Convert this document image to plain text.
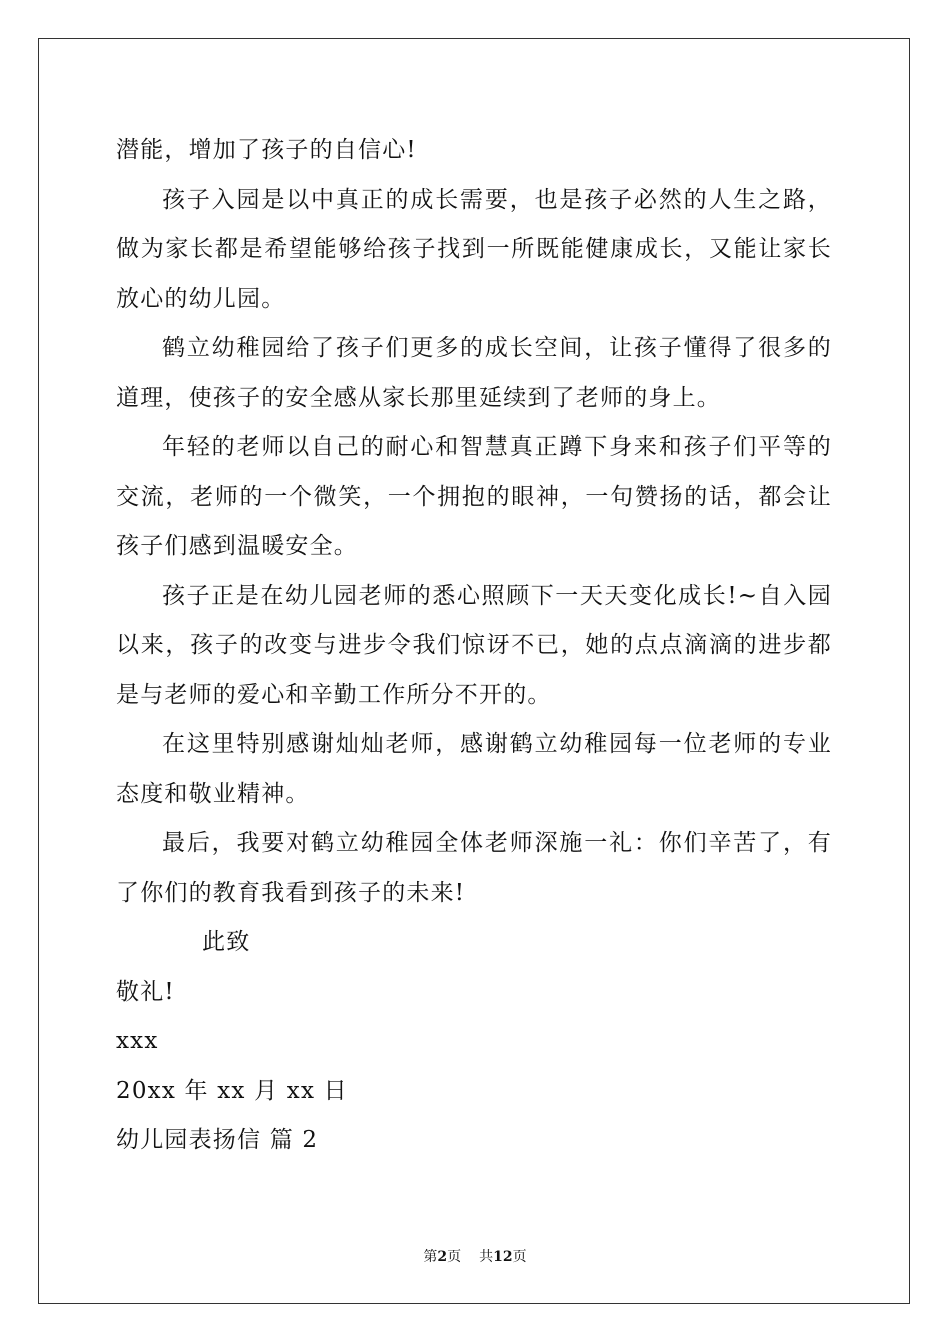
潜能，增加了孩子的自信心!

孩子入园是以中真正的成长需要，也是孩子必然的人生之路，做为家长都是希望能够给孩子找到一所既能健康成长，又能让家长放心的幼儿园。

鹤立幼稚园给了孩子们更多的成长空间，让孩子懂得了很多的道理，使孩子的安全感从家长那里延续到了老师的身上。

年轻的老师以自己的耐心和智慧真正蹲下身来和孩子们平等的交流，老师的一个微笑，一个拥抱的眼神，一句赞扬的话，都会让孩子们感到温暖安全。

孩子正是在幼儿园老师的悉心照顾下一天天变化成长!~自入园以来，孩子的改变与进步令我们惊讶不已，她的点点滴滴的进步都是与老师的爱心和辛勤工作所分不开的。

在这里特别感谢灿灿老师，感谢鹤立幼稚园每一位老师的专业态度和敬业精神。

最后，我要对鹤立幼稚园全体老师深施一礼：你们辛苦了，有了你们的教育我看到孩子的未来!

此致

敬礼!

xxx

20xx 年 xx 月 xx 日

幼儿园表扬信 篇 2

第2页 共12页
